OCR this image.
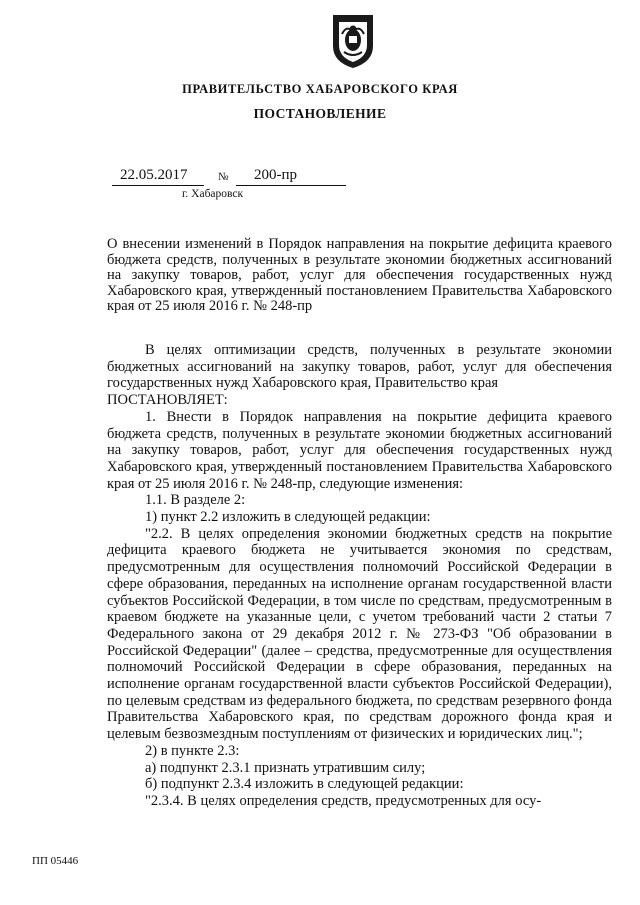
ПРАВИТЕЛЬСТВО ХАБАРОВСКОГО КРАЯ
ПОСТАНОВЛЕНИЕ
22.05.2017	№	200-пр
г. Хабаровск
О внесении изменений в Порядок направления на покрытие дефицита краевого бюджета средств, полученных в результате экономии бюджетных ассигнований на закупку товаров, работ, услуг для обеспечения государственных нужд Хабаровского края, утвержденный постановлением Правительства Хабаровского края от 25 июля 2016 г. № 248-пр

В целях оптимизации средств, полученных в результате экономии бюджетных ассигнований на закупку товаров, работ, услуг для обеспечения государственных нужд Хабаровского края, Правительство края

ПОСТАНОВЛЯЕТ:

1. Внести в Порядок направления на покрытие дефицита краевого бюджета средств, полученных в результате экономии бюджетных ассигнований на закупку товаров, работ, услуг для обеспечения государственных нужд Хабаровского края, утвержденный постановлением Правительства Хабаровского края от 25 июля 2016 г. № 248-пр, следующие изменения:

1.1. В разделе 2:

1) пункт 2.2 изложить в следующей редакции:

"2.2. В целях определения экономии бюджетных средств на покрытие дефицита краевого бюджета не учитывается экономия по средствам, предусмотренным для осуществления полномочий Российской Федерации в сфере образования, переданных на исполнение органам государственной власти субъектов Российской Федерации, в том числе по средствам, предусмотренным в краевом бюджете на указанные цели, с учетом требований части 2 статьи 7 Федерального закона от 29 декабря 2012 г. № 273-ФЗ "Об образовании в Российской Федерации" (далее – средства, предусмотренные для осуществления полномочий Российской Федерации в сфере образования, переданных на исполнение органам государственной власти субъектов Российской Федерации), по целевым средствам из федерального бюджета, по средствам резервного фонда Правительства Хабаровского края, по средствам дорожного фонда края и целевым безвозмездным поступлениям от физических и юридических лиц.";

2) в пункте 2.3:

а) подпункт 2.3.1 признать утратившим силу;

б) подпункт 2.3.4 изложить в следующей редакции:

"2.3.4. В целях определения средств, предусмотренных для осу-

ПП 05446
